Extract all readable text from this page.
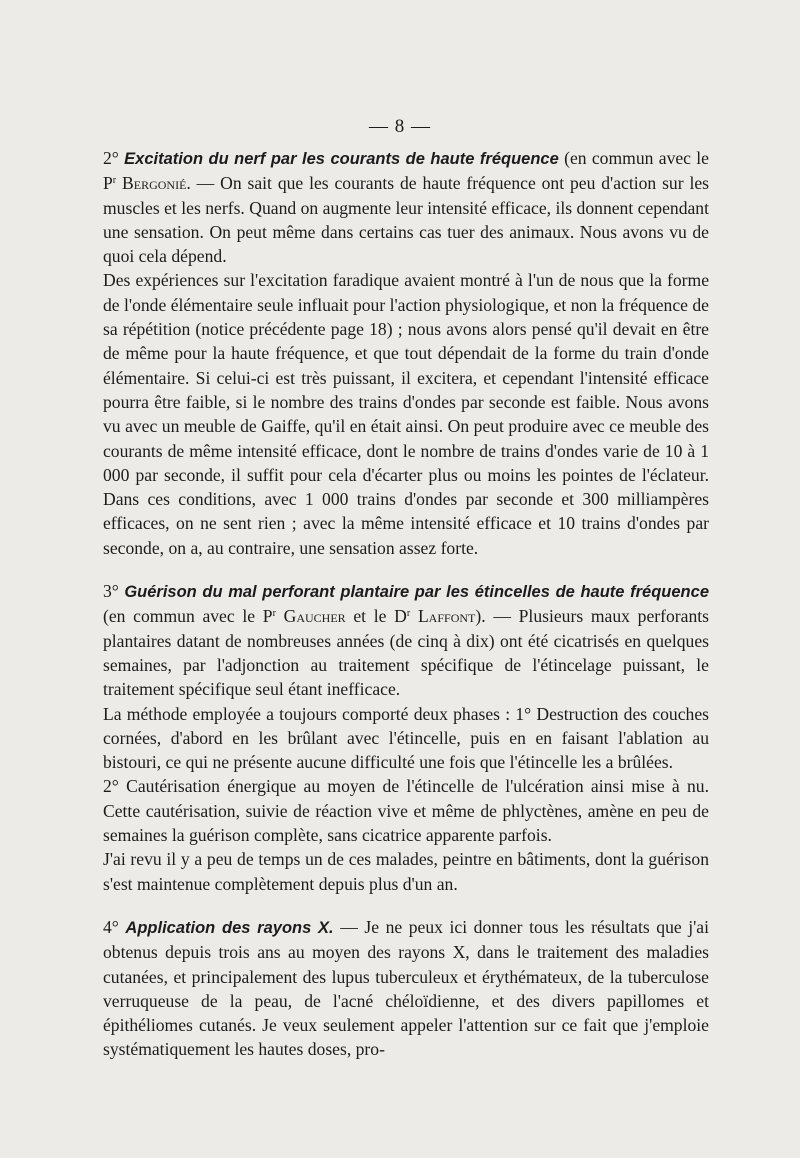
— 8 —

2° Excitation du nerf par les courants de haute fréquence (en commun avec le $P^r$ Bergonié. — On sait que les courants de haute fréquence ont peu d'action sur les muscles et les nerfs. Quand on augmente leur intensité efficace, ils donnent cependant une sensation. On peut même dans certains cas tuer des animaux. Nous avons vu de quoi cela dépend.

Des expériences sur l'excitation faradique avaient montré à l'un de nous que la forme de l'onde élémentaire seule influait pour l'action physiologique, et non la fréquence de sa répétition (notice précédente page 18) ; nous avons alors pensé qu'il devait en être de même pour la haute fréquence, et que tout dépendait de la forme du train d'onde élémentaire. Si celui-ci est très puissant, il excitera, et cependant l'intensité efficace pourra être faible, si le nombre des trains d'ondes par seconde est faible. Nous avons vu avec un meuble de Gaiffe, qu'il en était ainsi. On peut produire avec ce meuble des courants de même intensité efficace, dont le nombre de trains d'ondes varie de 10 à 1 000 par seconde, il suffit pour cela d'écarter plus ou moins les pointes de l'éclateur. Dans ces conditions, avec 1 000 trains d'ondes par seconde et 300 milliampères efficaces, on ne sent rien ; avec la même intensité efficace et 10 trains d'ondes par seconde, on a, au contraire, une sensation assez forte.

3° Guérison du mal perforant plantaire par les étincelles de haute fréquence (en commun avec le $P^r$ Gaucher et le $D^r$ Laffont). — Plusieurs maux perforants plantaires datant de nombreuses années (de cinq à dix) ont été cicatrisés en quelques semaines, par l'adjonction au traitement spécifique de l'étincelage puissant, le traitement spécifique seul étant inefficace.

La méthode employée a toujours comporté deux phases : 1° Destruction des couches cornées, d'abord en les brûlant avec l'étincelle, puis en en faisant l'ablation au bistouri, ce qui ne présente aucune difficulté une fois que l'étincelle les a brûlées.

2° Cautérisation énergique au moyen de l'étincelle de l'ulcération ainsi mise à nu. Cette cautérisation, suivie de réaction vive et même de phlyctènes, amène en peu de semaines la guérison complète, sans cicatrice apparente parfois.

J'ai revu il y a peu de temps un de ces malades, peintre en bâtiments, dont la guérison s'est maintenue complètement depuis plus d'un an.

4° Application des rayons X. — Je ne peux ici donner tous les résultats que j'ai obtenus depuis trois ans au moyen des rayons X, dans le traitement des maladies cutanées, et principalement des lupus tuberculeux et érythémateux, de la tuberculose verruqueuse de la peau, de l'acné chéloïdienne, et des divers papillomes et épithéliomes cutanés. Je veux seulement appeler l'attention sur ce fait que j'emploie systématiquement les hautes doses, pro-
